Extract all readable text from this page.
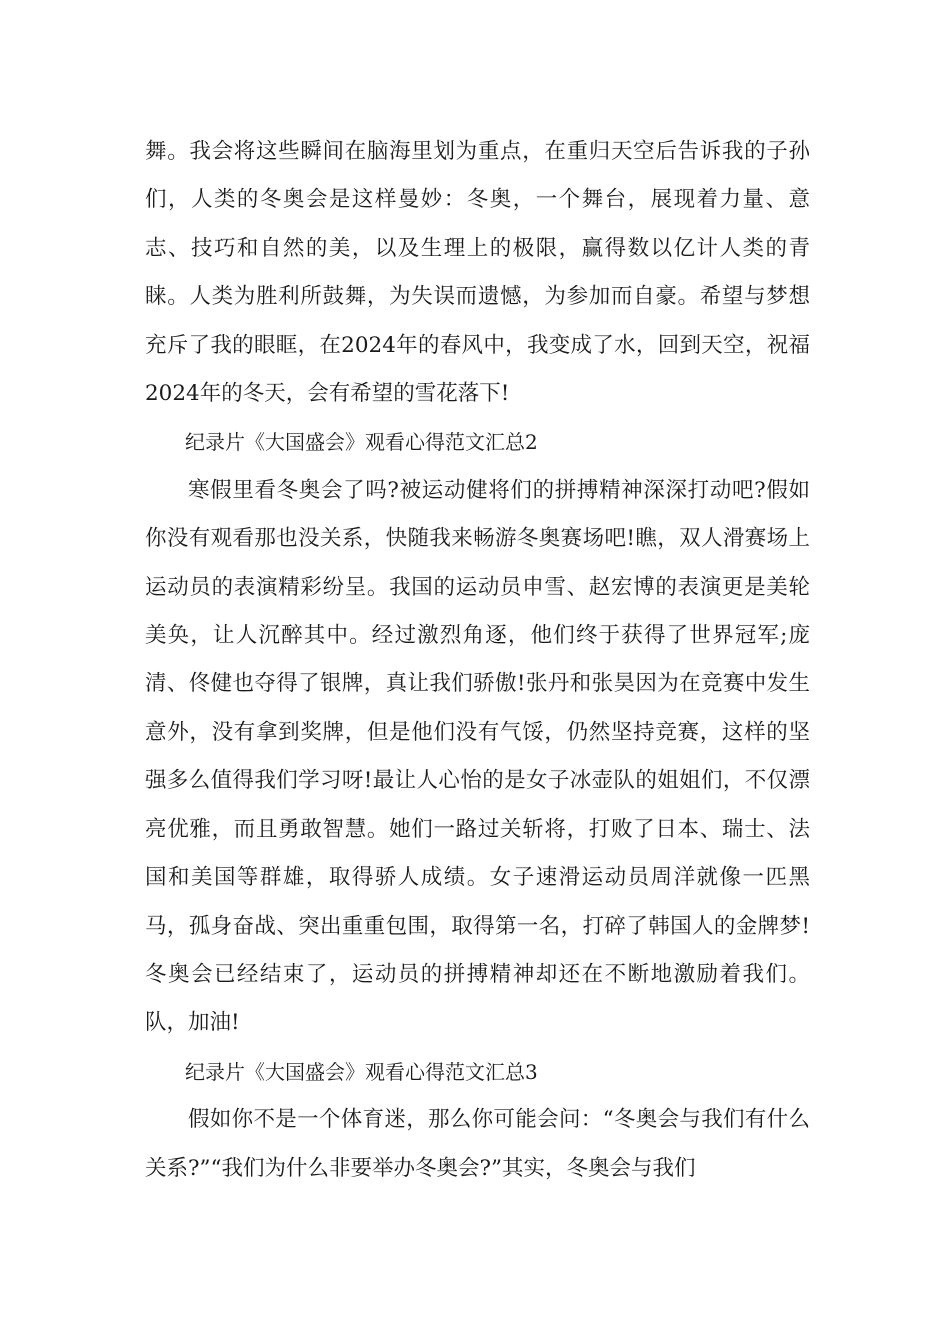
舞。我会将这些瞬间在脑海里划为重点，在重归天空后告诉我的子孙们，人类的冬奥会是这样曼妙：冬奥，一个舞台，展现着力量、意志、技巧和自然的美，以及生理上的极限，赢得数以亿计人类的青睐。人类为胜利所鼓舞，为失误而遗憾，为参加而自豪。希望与梦想充斥了我的眼眶，在2024年的春风中，我变成了水，回到天空，祝福2024年的冬天，会有希望的雪花落下!

纪录片《大国盛会》观看心得范文汇总2

寒假里看冬奥会了吗?被运动健将们的拼搏精神深深打动吧?假如你没有观看那也没关系，快随我来畅游冬奥赛场吧!瞧，双人滑赛场上运动员的表演精彩纷呈。我国的运动员申雪、赵宏博的表演更是美轮美奂，让人沉醉其中。经过激烈角逐，他们终于获得了世界冠军;庞清、佟健也夺得了银牌，真让我们骄傲!张丹和张昊因为在竞赛中发生意外，没有拿到奖牌，但是他们没有气馁，仍然坚持竞赛，这样的坚强多么值得我们学习呀!最让人心怡的是女子冰壶队的姐姐们，不仅漂亮优雅，而且勇敢智慧。她们一路过关斩将，打败了日本、瑞士、法国和美国等群雄，取得骄人成绩。女子速滑运动员周洋就像一匹黑马，孤身奋战、突出重重包围，取得第一名，打碎了韩国人的金牌梦!冬奥会已经结束了，运动员的拼搏精神却还在不断地激励着我们。队，加油!

纪录片《大国盛会》观看心得范文汇总3

假如你不是一个体育迷，那么你可能会问：“冬奥会与我们有什么关系?”“我们为什么非要举办冬奥会?”其实，冬奥会与我们
